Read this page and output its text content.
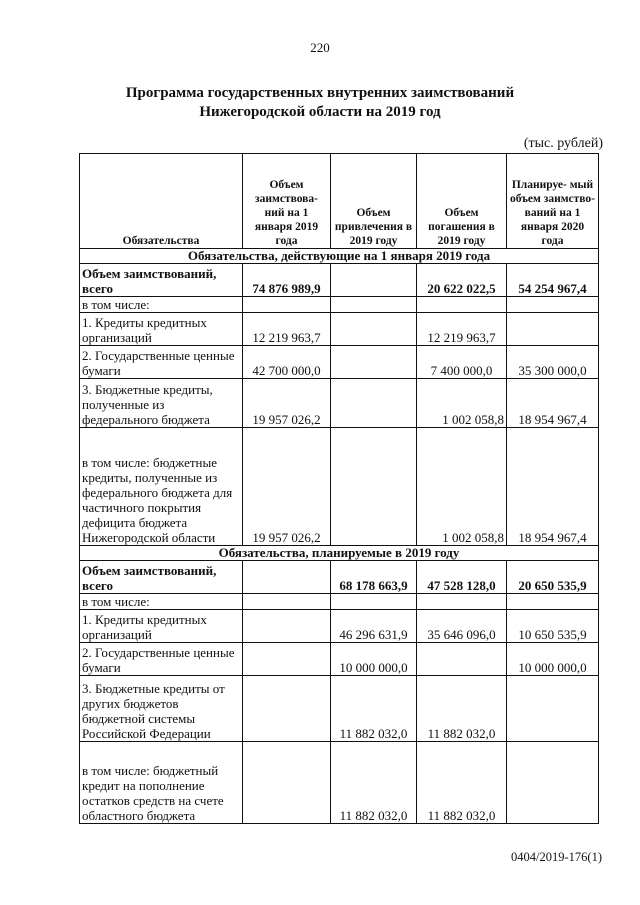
220
Программа государственных внутренних заимствований
Нижегородской области на 2019 год
(тыс. рублей)
Обязательства	Объем заимствова- ний на 1 января 2019 года	Объем привлечения в 2019 году	Объем погашения в 2019 году	Планируе- мый объем заимство- ваний на 1 января 2020 года
Обязательства, действующие на 1 января 2019 года				
Объем заимствований, всего	74 876 989,9		20 622 022,5	54 254 967,4
в том числе:				
1. Кредиты кредитных организаций	12 219 963,7		12 219 963,7	
2. Государственные ценные бумаги	42 700 000,0		7 400 000,0	35 300 000,0
3. Бюджетные кредиты, полученные из федерального бюджета	19 957 026,2		1 002 058,8	18 954 967,4
в том числе: бюджетные кредиты, полученные из федерального бюджета для частичного покрытия дефицита бюджета Нижегородской области	19 957 026,2		1 002 058,8	18 954 967,4
Обязательства, планируемые в 2019 году				
Объем заимствований, всего		68 178 663,9	47 528 128,0	20 650 535,9
в том числе:				
1. Кредиты кредитных организаций		46 296 631,9	35 646 096,0	10 650 535,9
2. Государственные ценные бумаги		10 000 000,0		10 000 000,0
3. Бюджетные кредиты от других бюджетов бюджетной системы Российской Федерации		11 882 032,0	11 882 032,0	
в том числе: бюджетный кредит на пополнение остатков средств на счете областного бюджета		11 882 032,0	11 882 032,0	
0404/2019-176(1)
